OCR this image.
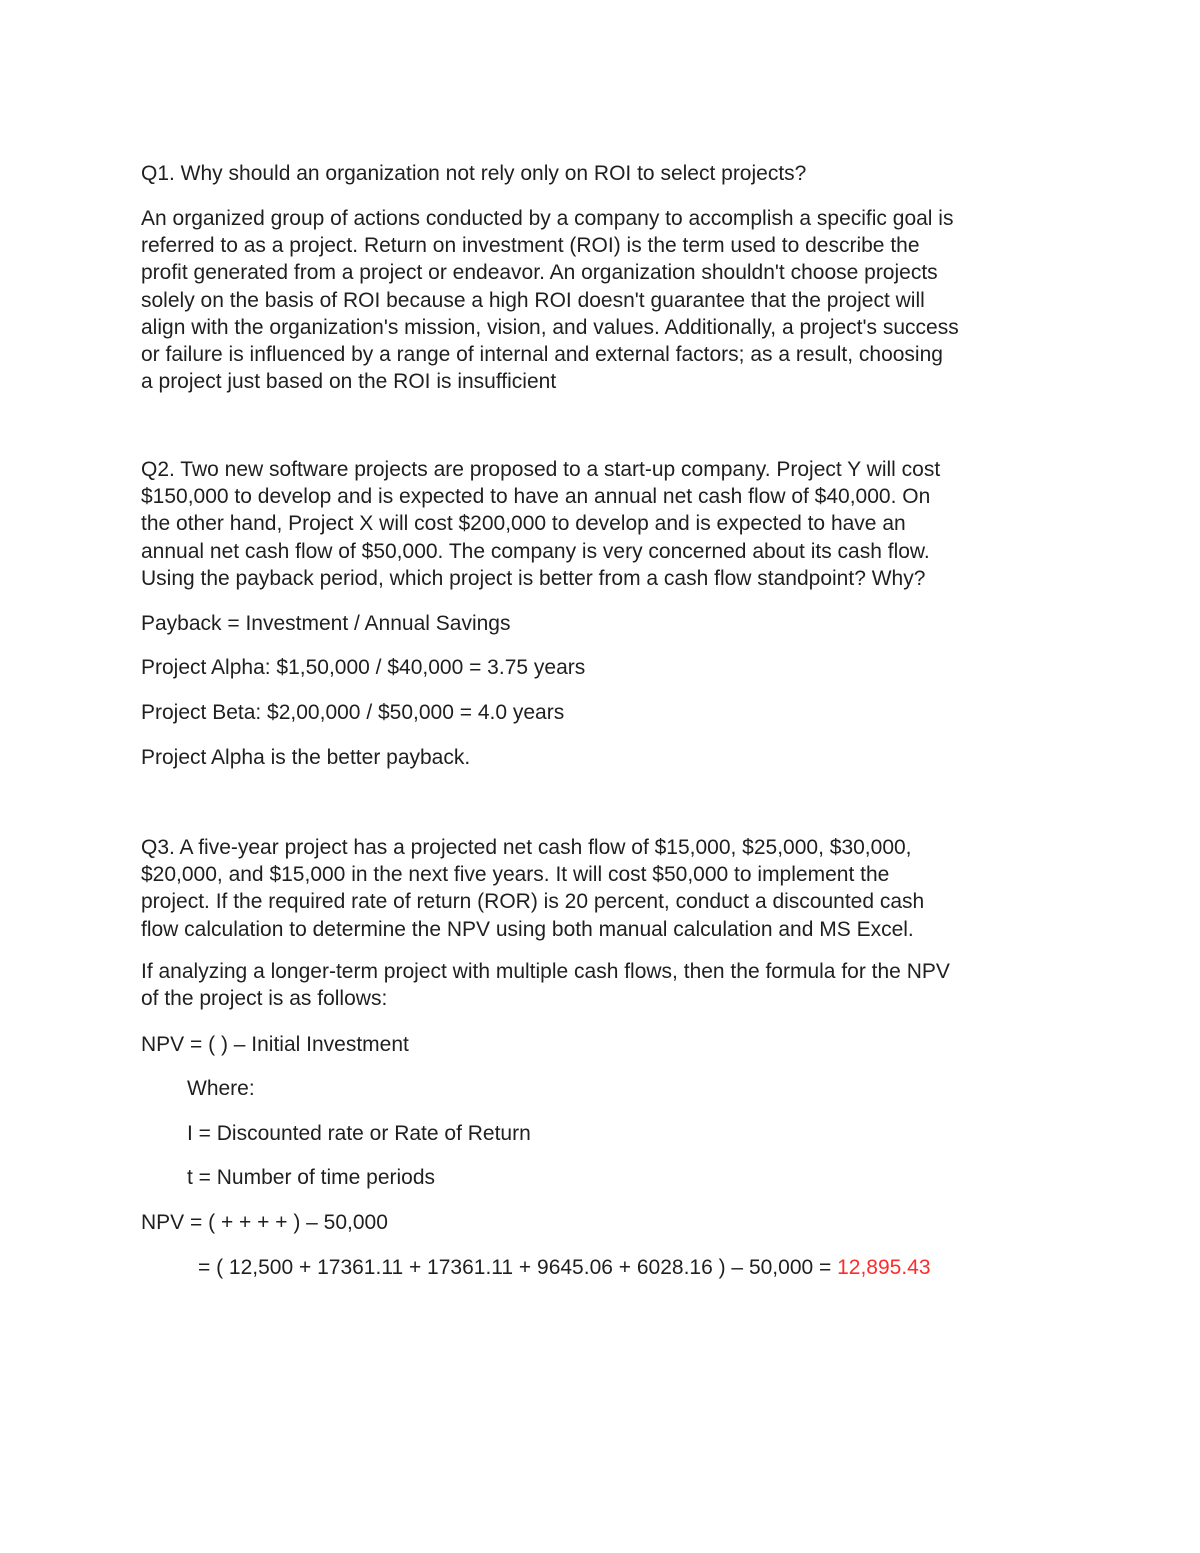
Q1. Why should an organization not rely only on ROI to select projects?

An organized group of actions conducted by a company to accomplish a specific goal is
referred to as a project. Return on investment (ROI) is the term used to describe the
profit generated from a project or endeavor. An organization shouldn't choose projects
solely on the basis of ROI because a high ROI doesn't guarantee that the project will
align with the organization's mission, vision, and values. Additionally, a project's success
or failure is influenced by a range of internal and external factors; as a result, choosing
a project just based on the ROI is insufficient
Q2. Two new software projects are proposed to a start-up company. Project Y will cost
$150,000 to develop and is expected to have an annual net cash flow of $40,000. On
the other hand, Project X will cost $200,000 to develop and is expected to have an
annual net cash flow of $50,000. The company is very concerned about its cash flow.
Using the payback period, which project is better from a cash flow standpoint? Why?

Payback = Investment / Annual Savings

Project Alpha: $1,50,000 / $40,000 = 3.75 years

Project Beta: $2,00,000 / $50,000 = 4.0 years

Project Alpha is the better payback.

Q3. A five-year project has a projected net cash flow of $15,000, $25,000, $30,000,
$20,000, and $15,000 in the next five years. It will cost $50,000 to implement the
project. If the required rate of return (ROR) is 20 percent, conduct a discounted cash
flow calculation to determine the NPV using both manual calculation and MS Excel.
If analyzing a longer-term project with multiple cash flows, then the formula for the NPV
of the project is as follows:

NPV = ( ) – Initial Investment

Where:

I = Discounted rate or Rate of Return

t = Number of time periods

NPV = ( + + + + ) – 50,000

= ( 12,500 + 17361.11 + 17361.11 + 9645.06 + 6028.16 ) – 50,000 = 12,895.43
